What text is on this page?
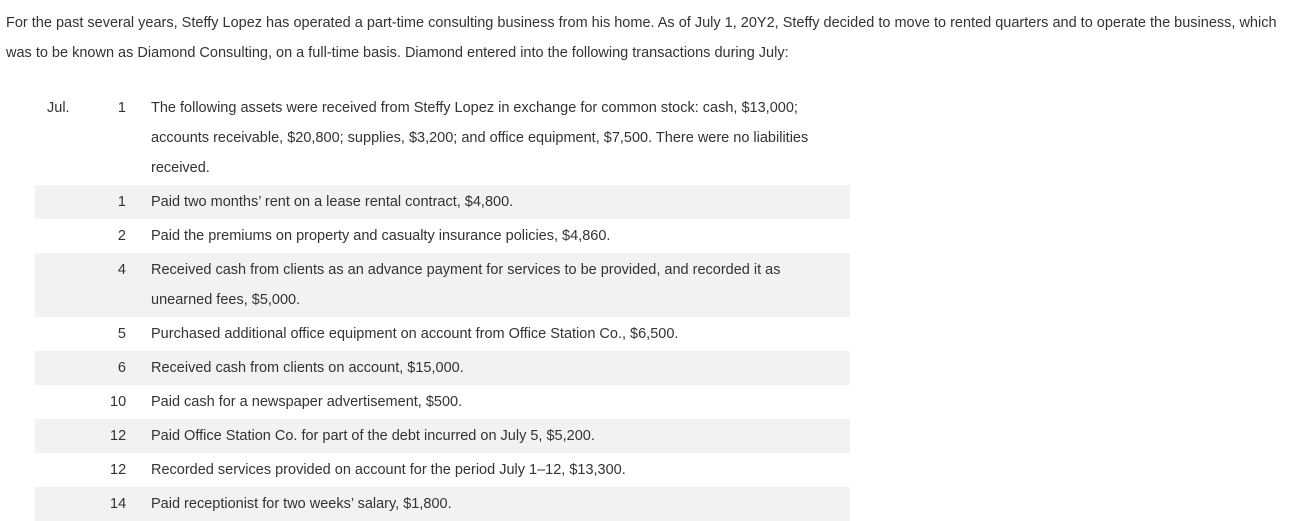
For the past several years, Steffy Lopez has operated a part-time consulting business from his home. As of July 1, 20Y2, Steffy decided to move to rented quarters and to operate the business, which was to be known as Diamond Consulting, on a full-time basis. Diamond entered into the following transactions during July:

Jul.	1	The following assets were received from Steffy Lopez in exchange for common stock: cash, $13,000; accounts receivable, $20,800; supplies, $3,200; and office equipment, $7,500. There were no liabilities received.
1	Paid two months’ rent on a lease rental contract, $4,800.
2	Paid the premiums on property and casualty insurance policies, $4,860.
4	Received cash from clients as an advance payment for services to be provided, and recorded it as unearned fees, $5,000.
5	Purchased additional office equipment on account from Office Station Co., $6,500.
6	Received cash from clients on account, $15,000.
10	Paid cash for a newspaper advertisement, $500.
12	Paid Office Station Co. for part of the debt incurred on July 5, $5,200.
12	Recorded services provided on account for the period July 1–12, $13,300.
14	Paid receptionist for two weeks’ salary, $1,800.
